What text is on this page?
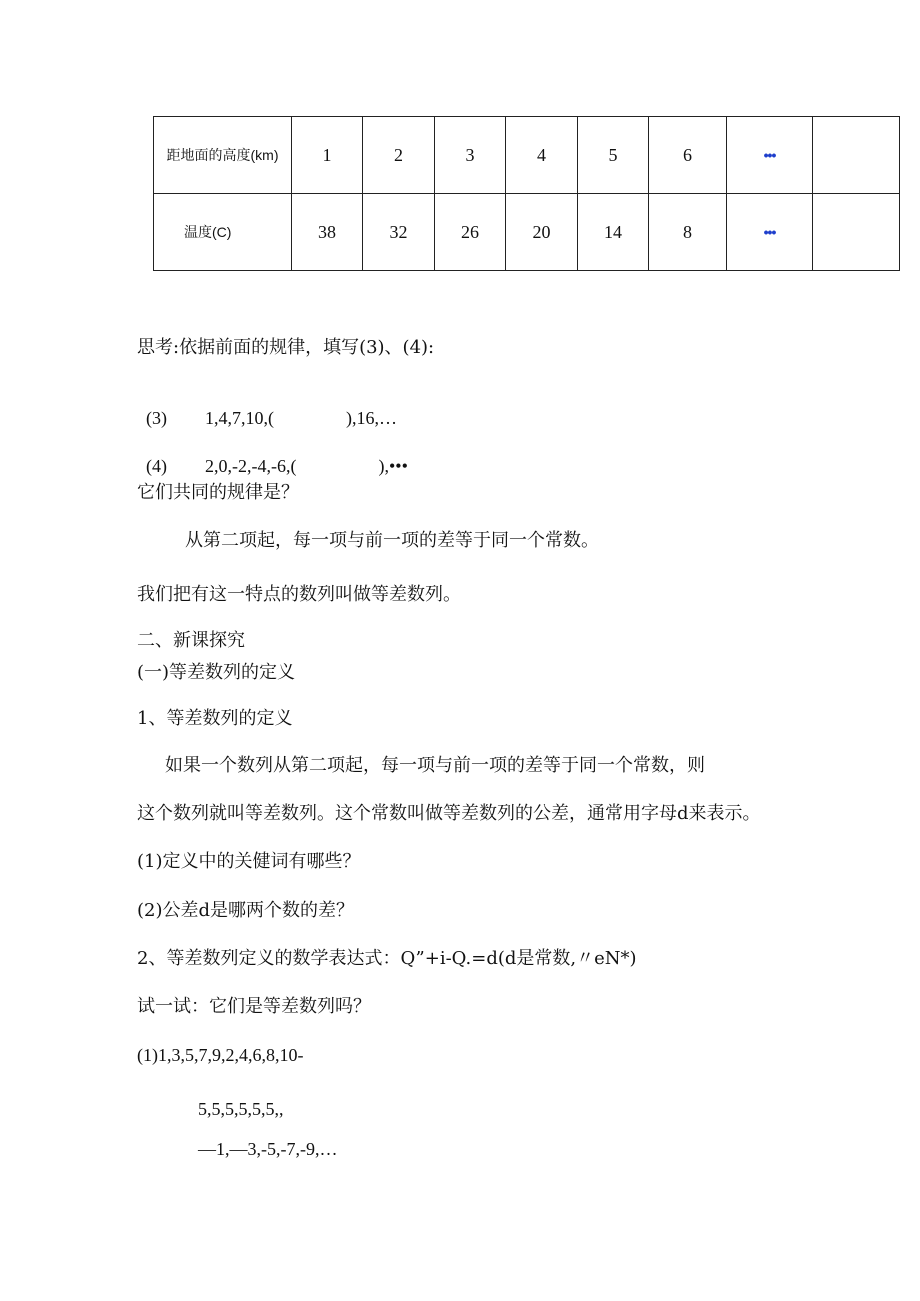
距地面的高度(km)	1	2	3	4	5	6	•••	
温度(C)	38	32	26	20	14	8	•••	
思考:依据前面的规律，填写(3)、(4):

(3) 1,4,7,10,(	),16,…

(4) 2,0,-2,-4,-6,(	),•••

它们共同的规律是？
从第二项起，每一项与前一项的差等于同一个常数。
我们把有这一特点的数列叫做等差数列。
二、新课探究
(一)等差数列的定义
1、等差数列的定义
如果一个数列从第二项起，每一项与前一项的差等于同一个常数，则
这个数列就叫等差数列。这个常数叫做等差数列的公差，通常用字母d来表示。
(1)定义中的关健词有哪些？
(2)公差d是哪两个数的差？
2、等差数列定义的数学表达式：Q”+i-Q.=d(d是常数,〃eN*)
试一试：它们是等差数列吗？
(1)1,3,5,7,9,2,4,6,8,10-
5,5,5,5,5,5,,
—1,—3,-5,-7,-9,…
